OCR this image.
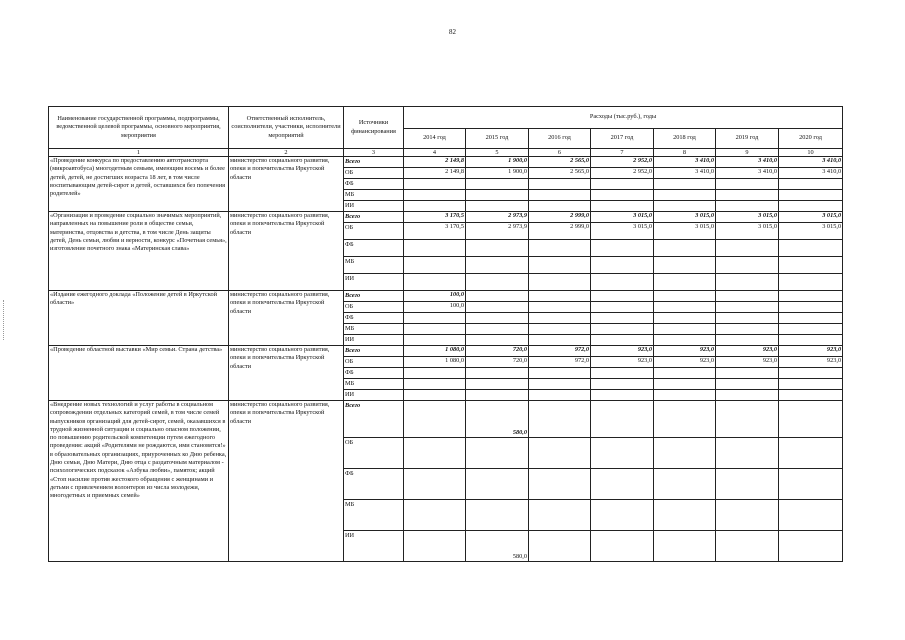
82
Наименование государственной программы, подпрограммы, ведомственной целевой программы, основного мероприятия, мероприятия	Ответственный исполнитель, соисполнители, участники, исполнители мероприятий	Источники финансирования	Расходы (тыс.руб.), годы						
			2014 год	2015 год	2016 год	2017 год	2018 год	2019 год	2020 год
1	2	3	4	5	6	7	8	9	10
«Проведение конкурса по предоставлению автотранспорта (микроавтобуса) многодетным семьям, имеющим восемь и более детей, детей, не достигших возраста 18 лет, в том числе воспитывающим детей-сирот и детей, оставшихся без попечения родителей»	министерство социального развития, опеки и попечительства Иркутской области	Всего	2 149,8	1 900,0	2 565,0	2 952,0	3 410,0	3 410,0	3 410,0
		ОБ	2 149,8	1 900,0	2 565,0	2 952,0	3 410,0	3 410,0	3 410,0
		ФБ							
		МБ							
		ИИ							
«Организация и проведение социально значимых мероприятий, направленных на повышение роли в обществе семьи, материнства, отцовства и детства, в том числе День защиты детей, День семьи, любви и верности, конкурс «Почетная семья», изготовление почетного знака «Материнская слава»	министерство социального развития, опеки и попечительства Иркутской области	Всего	3 170,5	2 973,9	2 999,0	3 015,0	3 015,0	3 015,0	3 015,0
		ОБ	3 170,5	2 973,9	2 999,0	3 015,0	3 015,0	3 015,0	3 015,0
		ФБ							
		МБ							
		ИИ							
«Издание ежегодного доклада «Положение детей в Иркутской области»	министерство социального развития, опеки и попечительства Иркутской области	Всего	100,0						
		ОБ	100,0						
		ФБ							
		МБ							
		ИИ							
«Проведение областной выставки «Мир семьи. Страна детства»	министерство социального развития, опеки и попечительства Иркутской области	Всего	1 080,0	720,0	972,0	923,0	923,0	923,0	923,0
		ОБ	1 080,0	720,0	972,0	923,0	923,0	923,0	923,0
		ФБ							
		МБ							
		ИИ							
«Внедрение новых технологий и услуг работы в социальном сопровождении отдельных категорий семей, в том числе семей выпускников организаций для детей-сирот, семей, оказавшихся в трудной жизненной ситуации и социально опасном положении, по повышению родительской компетенции путем ежегодного проведения: акций «Родителями не рождаются, ими становятся!» в образовательных организациях, приуроченных ко Дню ребенка, Дню семьи, Дню Матери, Дню отца с раздаточным материалом - психологических подсказок «Азбука любви», памяток; акций «Стоп насилие против жестокого обращения с женщинами и детьми с привлечением волонтеров из числа молодежи, многодетных и приемных семей»	министерство социального развития, опеки и попечительства Иркутской области	Всего		580,0					
		ОБ							
		ФБ							
		МБ							
		ИИ		580,0					
